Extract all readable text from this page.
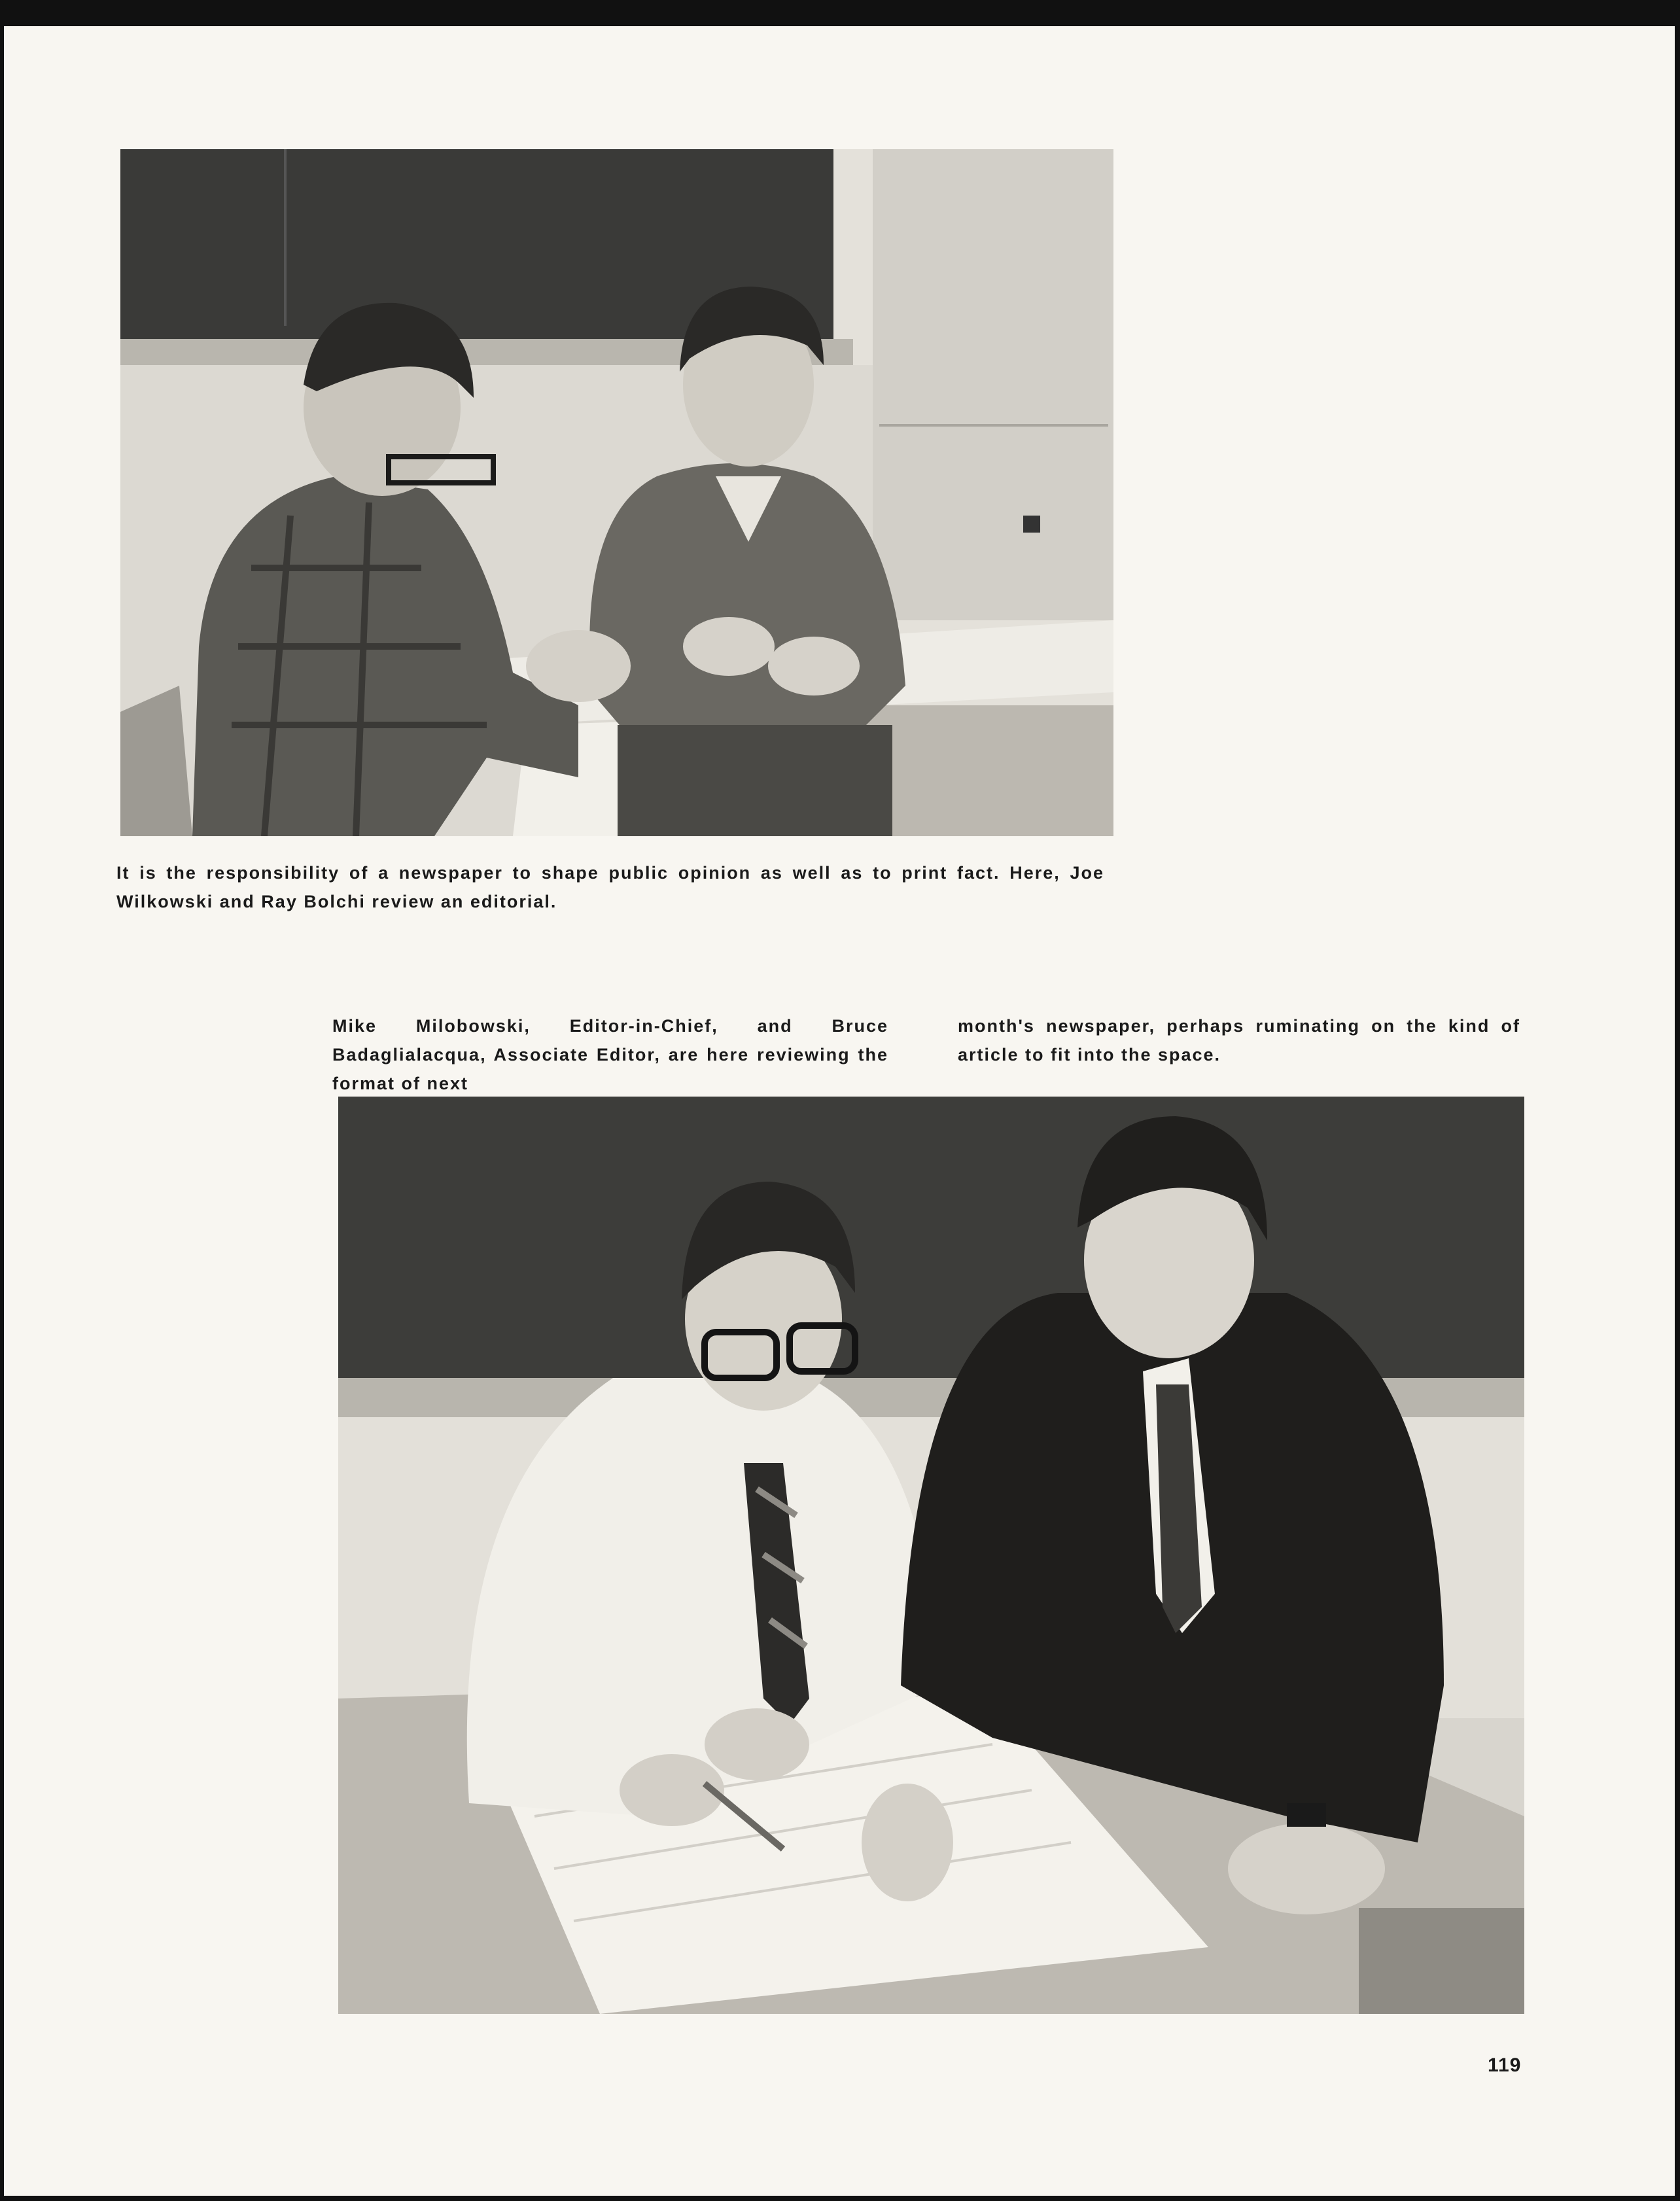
It is the responsibility of a newspaper to shape public opinion as well as to print fact. Here, Joe Wilkowski and Ray Bolchi review an editorial.
Mike Milobowski, Editor-in-Chief, and Bruce Badaglialacqua, Associate Editor, are here reviewing the format of next
month's newspaper, perhaps ruminating on the kind of article to fit into the space.
119
